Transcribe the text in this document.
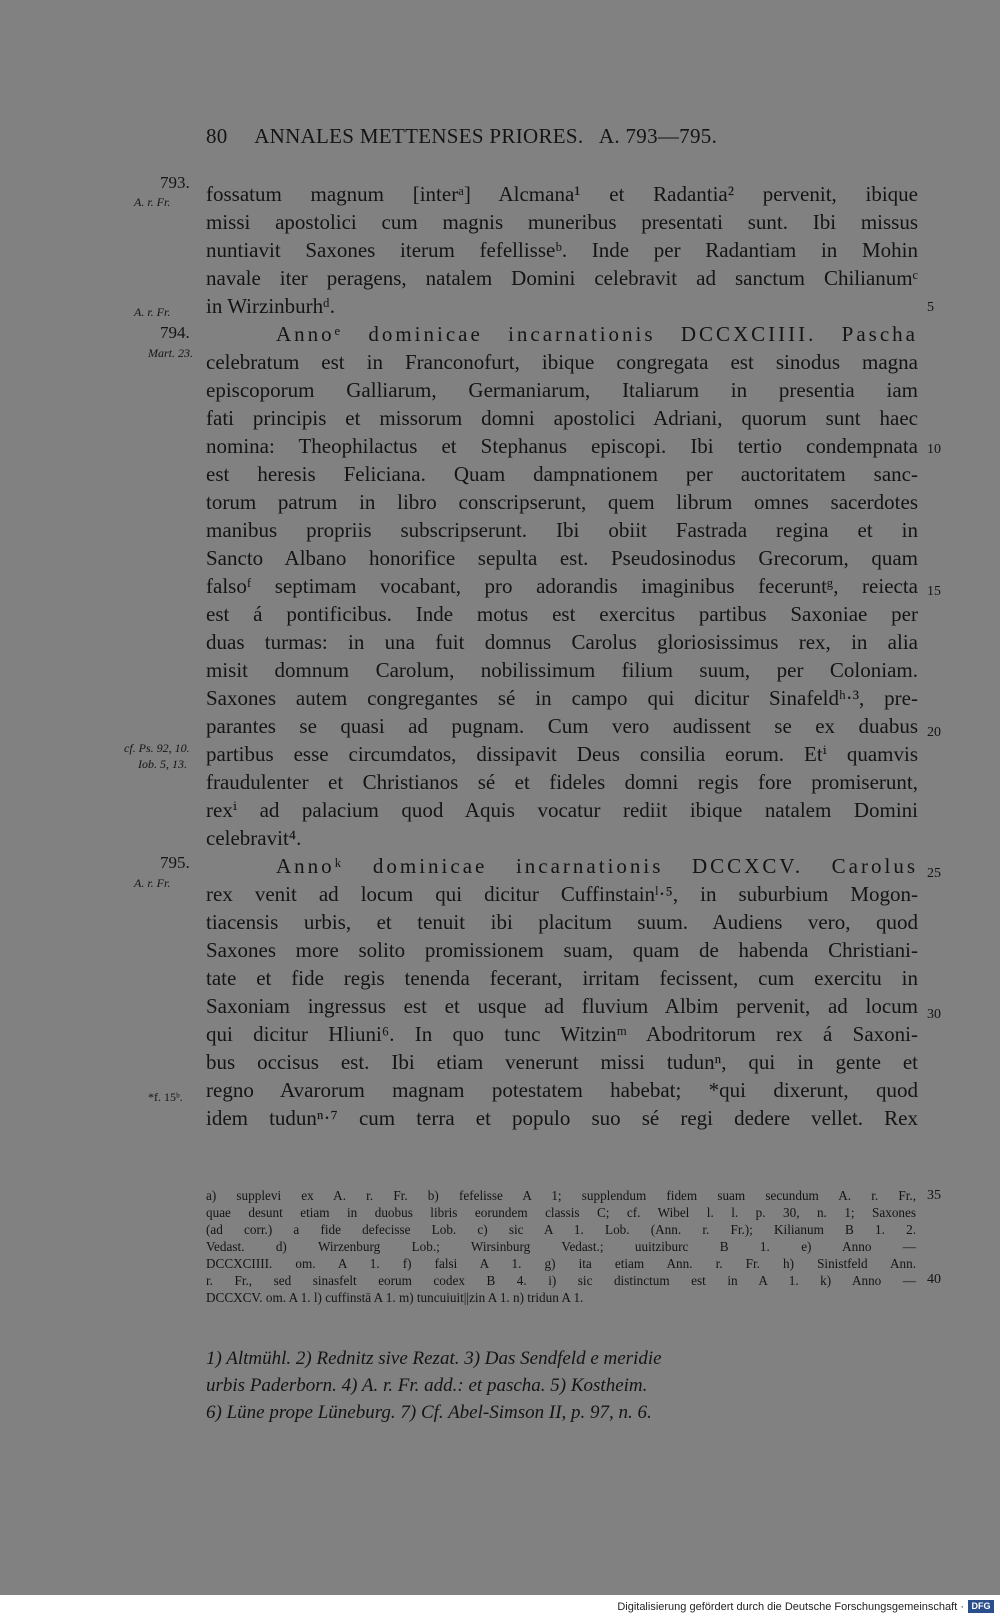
80     ANNALES METTENSES PRIORES.   A. 793—795.
fossatum magnum [interᵃ] Alcmana¹ et Radantia² pervenit, ibique
missi apostolici cum magnis muneribus presentati sunt. Ibi missus
nuntiavit Saxones iterum fefellisseᵇ. Inde per Radantiam in Mohin
navale iter peragens, natalem Domini celebravit ad sanctum Chilianumᶜ
in Wirzinburhᵈ.
Annoᵉ dominicae incarnationis DCCXCIIII. Pascha
celebratum est in Franconofurt, ibique congregata est sinodus magna
episcoporum Galliarum, Germaniarum, Italiarum in presentia iam
fati principis et missorum domni apostolici Adriani, quorum sunt haec
nomina: Theophilactus et Stephanus episcopi. Ibi tertio condempnata
est heresis Feliciana. Quam dampnationem per auctoritatem sanc-
torum patrum in libro conscripserunt, quem librum omnes sacerdotes
manibus propriis subscripserunt. Ibi obiit Fastrada regina et in
Sancto Albano honorifice sepulta est. Pseudosinodus Grecorum, quam
falsoᶠ septimam vocabant, pro adorandis imaginibus feceruntᵍ, reiecta
est á pontificibus. Inde motus est exercitus partibus Saxoniae per
duas turmas: in una fuit domnus Carolus gloriosissimus rex, in alia
misit domnum Carolum, nobilissimum filium suum, per Coloniam.
Saxones autem congregantes sé in campo qui dicitur Sinafeldʰ·³, pre-
parantes se quasi ad pugnam. Cum vero audissent se ex duabus
partibus esse circumdatos, dissipavit Deus consilia eorum. Etⁱ quamvis
fraudulenter et Christianos sé et fideles domni regis fore promiserunt,
rexⁱ ad palacium quod Aquis vocatur rediit ibique natalem Domini
celebravit⁴.
Annoᵏ dominicae incarnationis DCCXCV. Carolus
rex venit ad locum qui dicitur Cuffinstainˡ·⁵, in suburbium Mogon-
tiacensis urbis, et tenuit ibi placitum suum. Audiens vero, quod
Saxones more solito promissionem suam, quam de habenda Christiani-
tate et fide regis tenenda fecerant, irritam fecissent, cum exercitu in
Saxoniam ingressus est et usque ad fluvium Albim pervenit, ad locum
qui dicitur Hliuni⁶. In quo tunc Witzinᵐ Abodritorum rex á Saxoni-
bus occisus est. Ibi etiam venerunt missi tudunⁿ, qui in gente et
regno Avarorum magnam potestatem habebat; *qui dixerunt, quod
idem tudunⁿ·⁷ cum terra et populo suo sé regi dedere vellet. Rex
793.
A. r. Fr.
A. r. Fr.
794.
Mart. 23.
cf. Ps. 92, 10.
Iob. 5, 13.
795.
A. r. Fr.
*f. 15ᵇ.
5
10
15
20
25
30
35
40
a) supplevi ex A. r. Fr. b) fefelisse A 1; supplendum fidem suam secundum A. r. Fr.,
quae desunt etiam in duobus libris eorundem classis C; cf. Wibel l. l. p. 30, n. 1; Saxones
(ad corr.) a fide defecisse Lob. c) sic A 1. Lob. (Ann. r. Fr.); Kilianum B 1. 2.
Vedast. d) Wirzenburg Lob.; Wirsinburg Vedast.; uuitziburc B 1. e) Anno —
DCCXCIIII. om. A 1. f) falsi A 1. g) ita etiam Ann. r. Fr. h) Sinistfeld Ann.
r. Fr., sed sinasfelt eorum codex B 4. i) sic distinctum est in A 1. k) Anno —
DCCXCV. om. A 1. l) cuffinstā A 1. m) tuncuiuit||zin A 1. n) tridun A 1.
1) Altmühl. 2) Rednitz sive Rezat. 3) Das Sendfeld e meridie
urbis Paderborn. 4) A. r. Fr. add.: et pascha. 5) Kostheim.
6) Lüne prope Lüneburg. 7) Cf. Abel-Simson II, p. 97, n. 6.
Digitalisierung gefördert durch die Deutsche Forschungsgemeinschaft · DFG
